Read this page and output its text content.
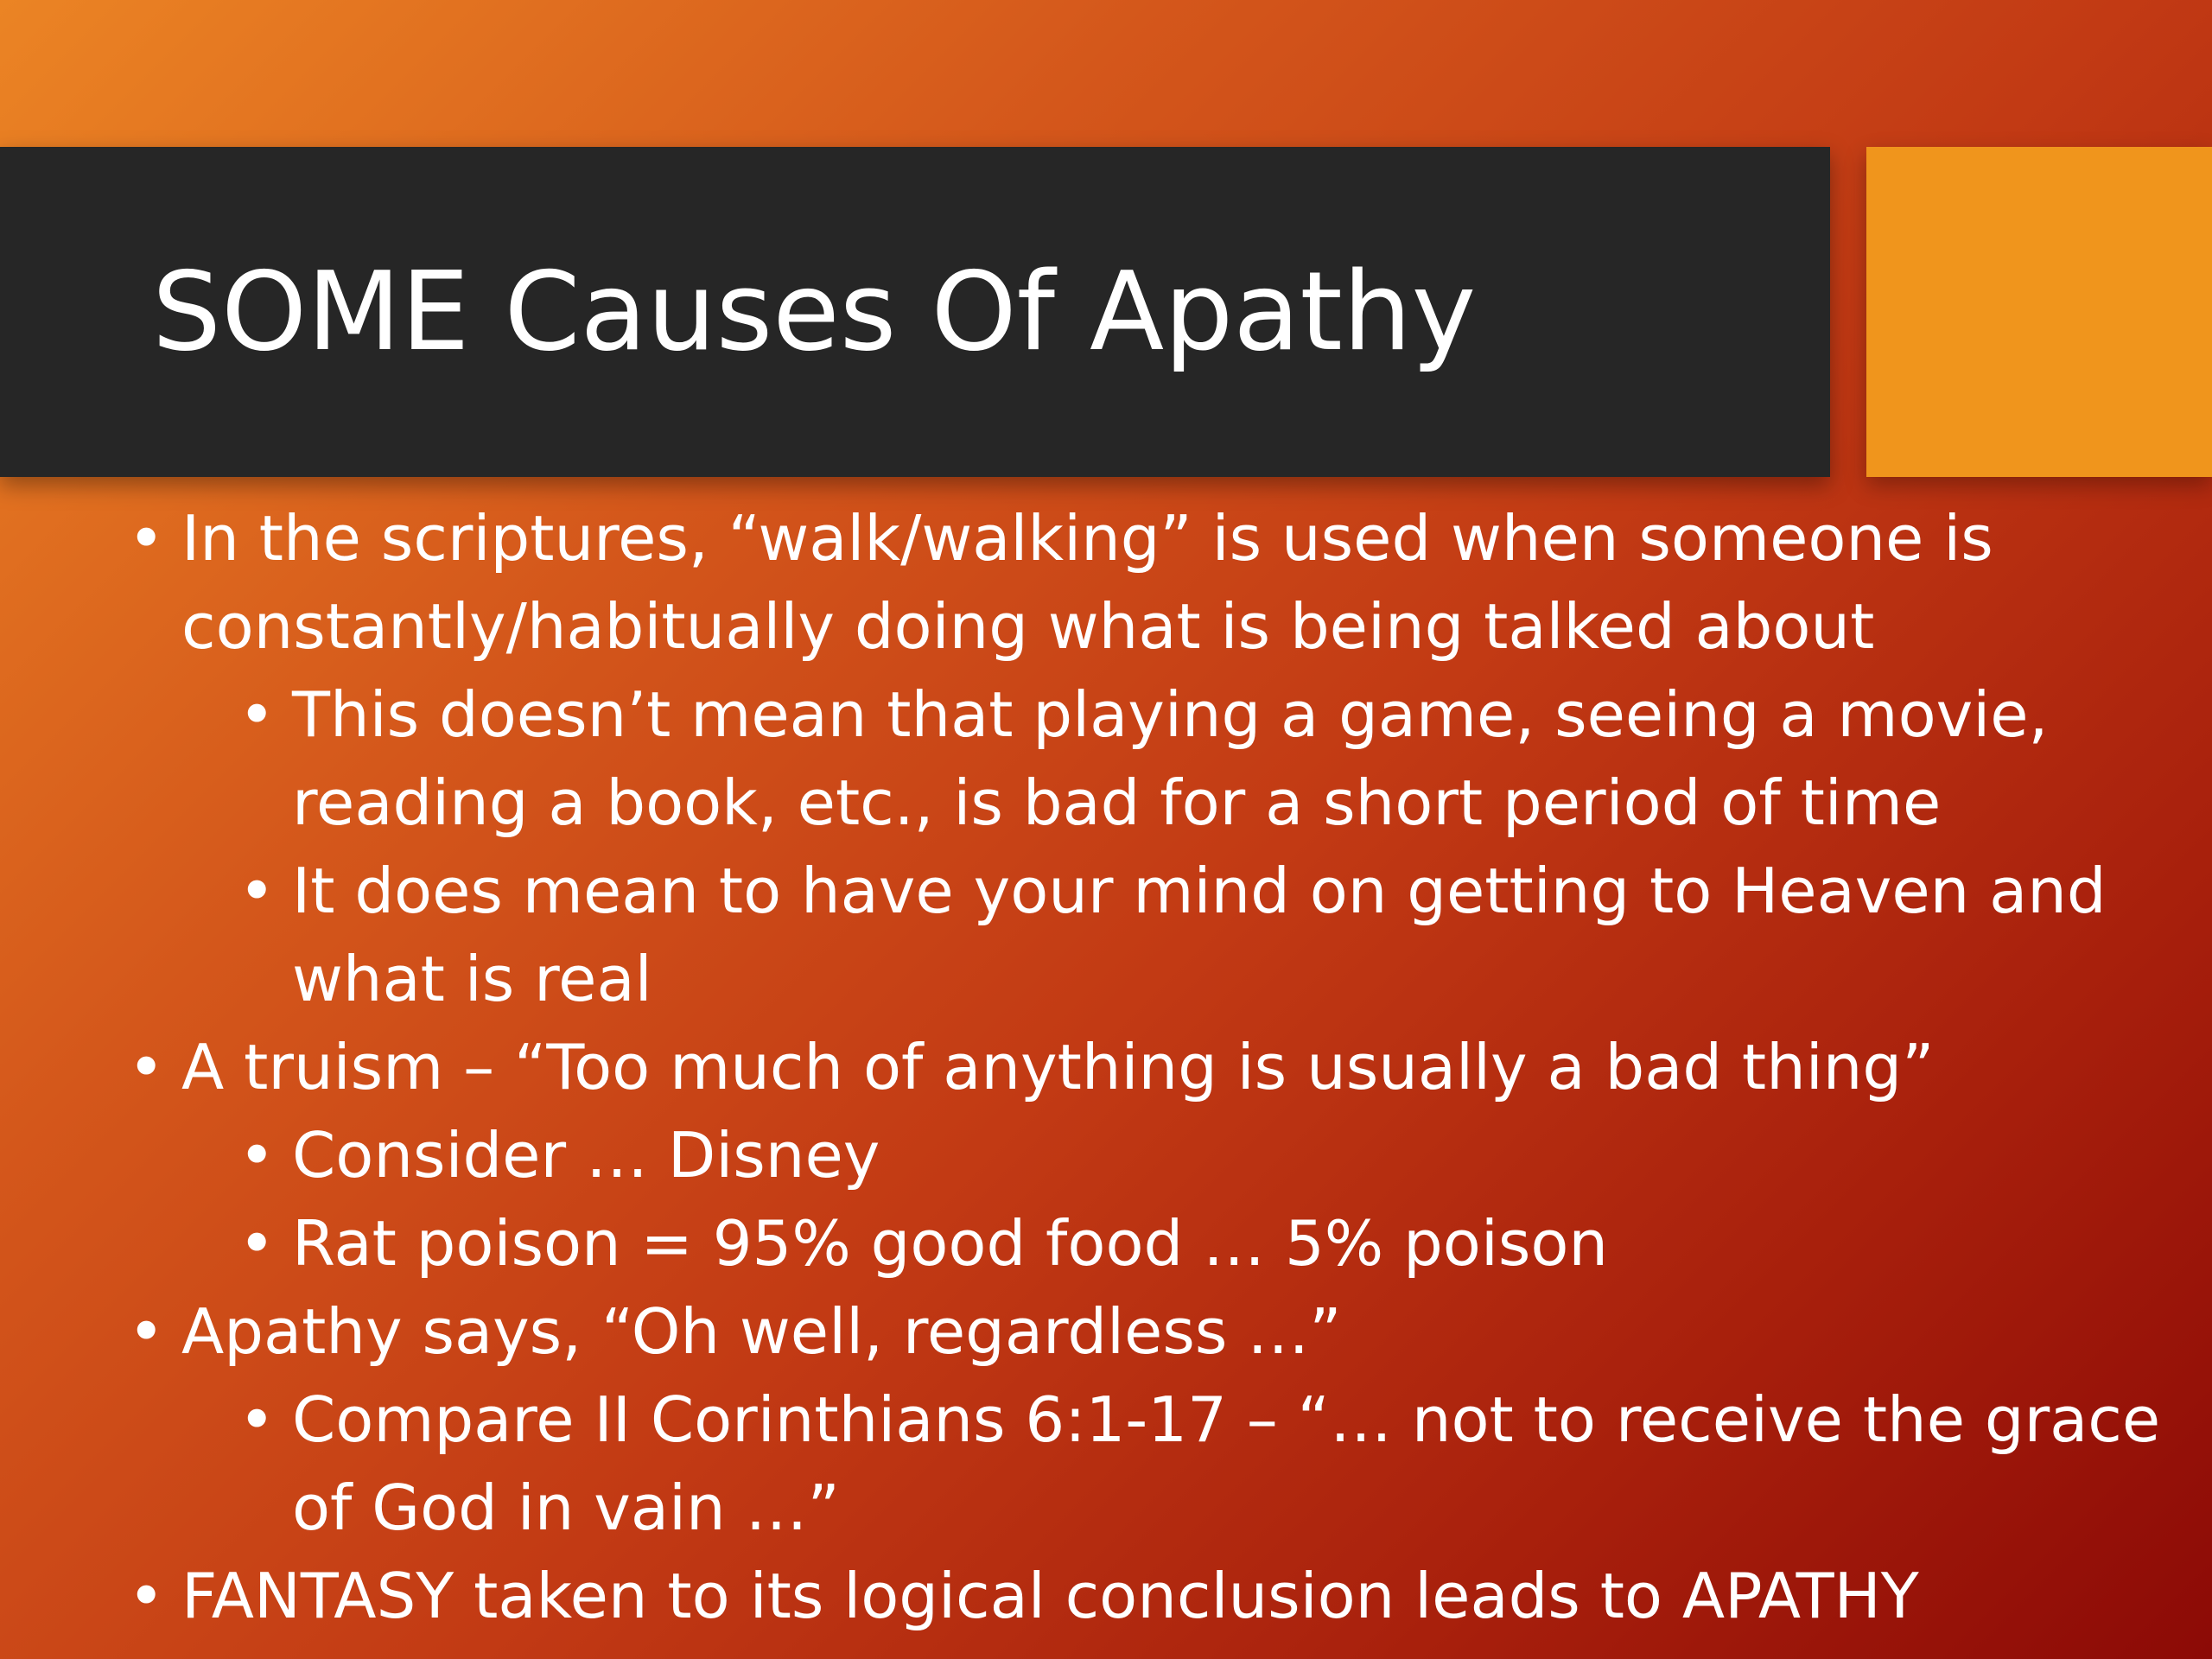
SOME Causes Of Apathy
• In the scriptures, “walk/walking” is used when someone is constantly/habitually doing what is being talked about
• This doesn’t mean that playing a game, seeing a movie, reading a book, etc., is bad for a short period of time
• It does mean to have your mind on getting to Heaven and what is real
• A truism – “Too much of anything is usually a bad thing”
• Consider … Disney
• Rat poison = 95% good food … 5% poison
• Apathy says, “Oh well, regardless …”
• Compare II Corinthians 6:1-17 – “… not to receive the grace of God in vain …”
• FANTASY taken to its logical conclusion leads to APATHY
